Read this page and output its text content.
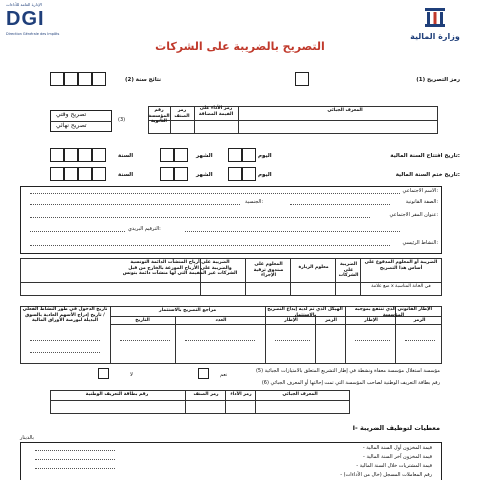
الإدارة العامة للأداءات
DGI
Direction Générale des Impôts	وزارة المالية
التصريح بالضريبة على الشركات
رمز التصريح (1)
نتائج سنة (2)
تصريح وقتي
تصريح نهائي
(3)
المعرف الجبائي
رمز الأداء على القيمة المضافة
رمز الصنف
رقم المؤسسة الثانوية
تاريخ افتتاح السنة المالية:
تاريخ ختم السنة المالية:
اليوم
الشهر
السنة
اليوم
الشهر
السنة
الاسم الاجتماعي:
الصفة القانونية:
الجنسية:
عنوان المقر الاجتماعي:
الترقيم البريدي:
النشاط الرئيسي:
الضريبة أو المعلوم المدفوع على أساس هذا التصريح
الضريبة على الشركات
معلوم الزيارة
المعلوم على صندوق ترقية الإجراء
الضريبة على أرباح المنشآت الدائمة التونسية والضريبة على الأرباح الموزعة بالخارج من قبل الشركات غير المقيمة التي لها منشآت دائمة بتونس
ضع علامة x في الخانة المناسبة
الإطار القانوني الذي تنتفع بموجبه المؤسسة
الرمز
الإطار
الهيكل الذي تم لديه إيداع التصريح بالاستثمار
الرمز
الإطار
مراجع التصريح بالاستثمار
العدد
التاريخ
تاريخ الدخول في طور النشاط الفعلي / تاريخ إدراج الأسهم العادية بالسوق البديلة لبورصة الأوراق المالية
مؤسسة استغلال مؤسسة معفاة ونشطة في إطار التشريع المتعلق بالامتيازات الجبائية (5)
نعم
لا
رقم بطاقة التعريف الوطنية لصاحب المؤسسة التي تمت إحالتها أو المعرف الجبائي (6)
المعرف الجبائي
رمز الأداء
رمز الصنف
رقم بطاقة التعريف الوطنية
I- معطيات لتوظيف الضريبة
بالدينار
- قيمة المخزون أول السنة المالية
- قيمة المخزون آخر السنة المالية
- قيمة المشتريات خلال السنة المالية
- رقم المعاملات المسجل (خال من الأداءات)
